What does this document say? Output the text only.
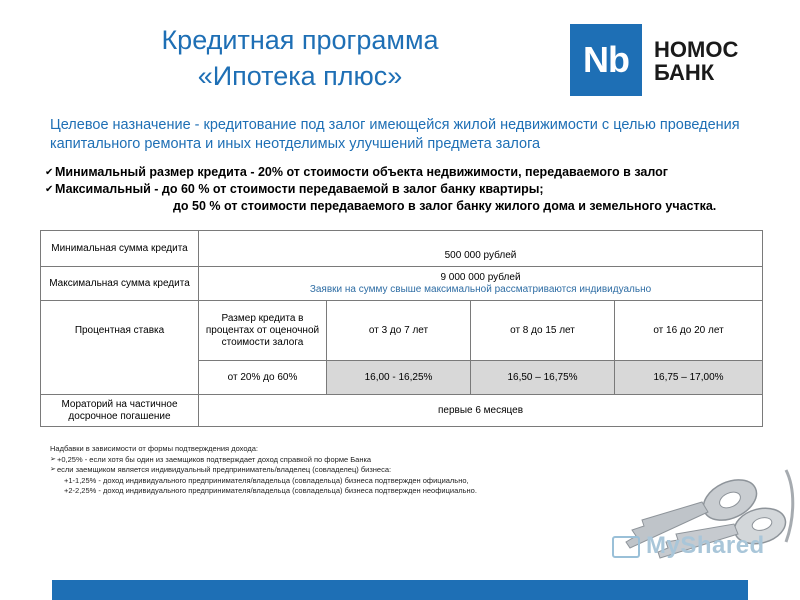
Кредитная программа
«Ипотека плюс»	Nb	НОМОС
БАНК
Целевое назначение - кредитование под залог имеющейся жилой недвижимости с целью проведения капитального ремонта и иных неотделимых улучшений предмета залога
✔ Минимальный размер кредита - 20% от стоимости объекта недвижимости, передаваемого в залог
✔ Максимальный - до 60 % от стоимости передаваемой в залог банку квартиры;
до 50 % от стоимости передаваемого в залог банку жилого дома и земельного участка.
Минимальная сумма кредита	500 000 рублей			
Максимальная сумма кредита	9 000 000 рублей
Заявки на сумму свыше максимальной рассматриваются индивидуально			

Процентная ставка	Размер кредита в процентах от оценочной стоимости залога	от 3 до 7 лет	от 8 до 15 лет	от 16 до 20 лет
	от 20% до 60%	16,00 - 16,25%	16,50 – 16,75%	16,75 – 17,00%
Мораторий на частичное досрочное погашение	первые 6 месяцев			
Надбавки в зависимости от формы подтверждения дохода:
➢ +0,25% - если хотя бы один из заемщиков подтверждает доход справкой по форме Банка
➢ если заемщиком является индивидуальный предприниматель/владелец (совладелец) бизнеса:
+1-1,25% - доход индивидуального предпринимателя/владельца (совладельца) бизнеса подтвержден официально,
+2-2,25% - доход индивидуального предпринимателя/владельца (совладельца) бизнеса подтвержден неофициально.
MyShared
